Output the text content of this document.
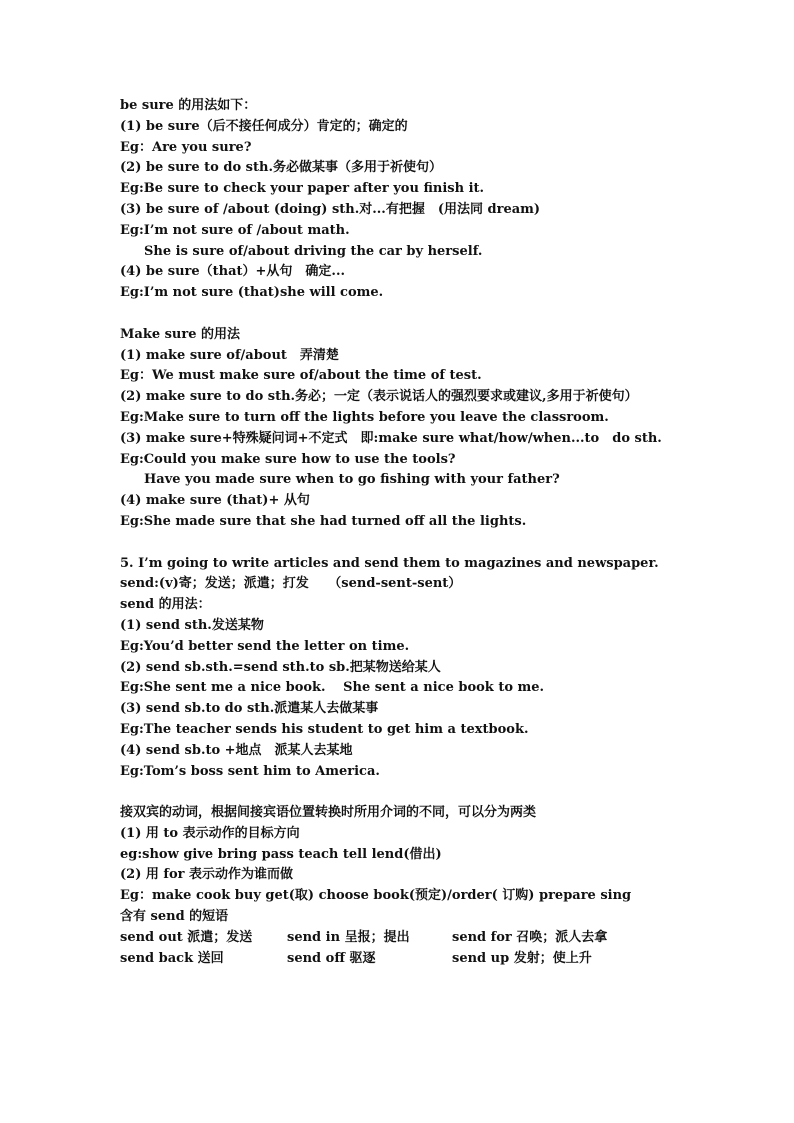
be sure 的用法如下：
(1) be sure（后不接任何成分）肯定的；确定的
Eg：Are you sure?
(2) be sure to do sth.务必做某事（多用于祈使句）
Eg:Be sure to check your paper after you finish it.
(3) be sure of /about (doing) sth.对...有把握　(用法同 dream)
Eg:I’m not sure of /about math.
She is sure of/about driving the car by herself.
(4) be sure（that）+从句　确定...
Eg:I’m not sure (that)she will come.
Make sure 的用法
(1) make sure of/about　弄清楚
Eg：We must make sure of/about the time of test.
(2) make sure to do sth.务必；一定（表示说话人的强烈要求或建议,多用于祈使句）
Eg:Make sure to turn off the lights before you leave the classroom.
(3) make sure+特殊疑问词+不定式　即:make sure what/how/when...to　do sth.
Eg:Could you make sure how to use the tools?
Have you made sure when to go fishing with your father?
(4) make sure (that)+ 从句
Eg:She made sure that she had turned off all the lights.
5. I’m going to write articles and send them to magazines and newspaper.
send:(v)寄；发送；派遣；打发　　（send-sent-sent）
send 的用法：
(1) send sth.发送某物
Eg:You’d better send the letter on time.
(2) send sb.sth.=send sth.to sb.把某物送给某人
Eg:She sent me a nice book.　 She sent a nice book to me.
(3) send sb.to do sth.派遣某人去做某事
Eg:The teacher sends his student to get him a textbook.
(4) send sb.to +地点　派某人去某地
Eg:Tom’s boss sent him to America.
接双宾的动词，根据间接宾语位置转换时所用介词的不同，可以分为两类
(1) 用 to 表示动作的目标方向
eg:show give bring pass teach tell lend(借出)
(2) 用 for 表示动作为谁而做
Eg：make cook buy get(取) choose book(预定)/order( 订购) prepare sing
含有 send 的短语
send out 派遣；发送	send in 呈报；提出	send for 召唤；派人去拿
send back 送回	send off 驱逐	send up 发射；使上升
